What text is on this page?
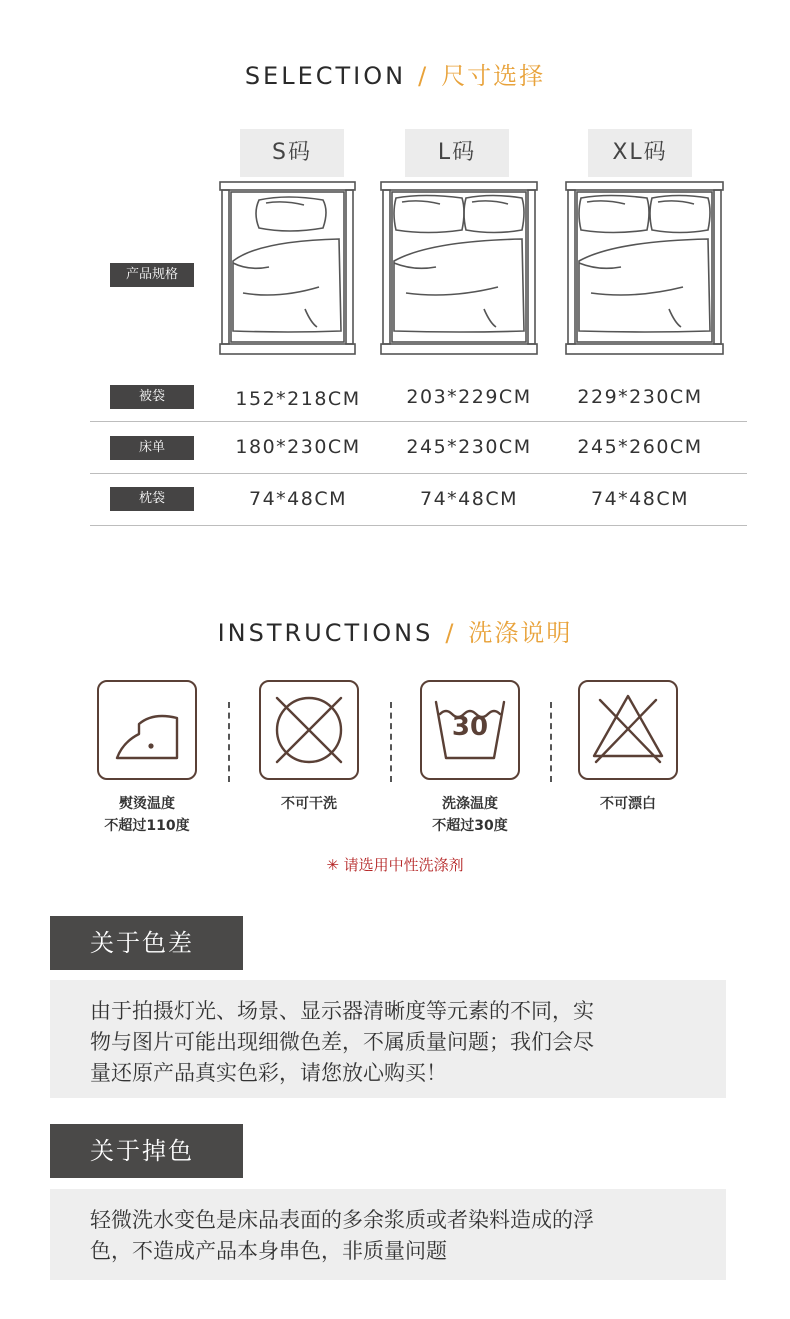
SELECTION / 尺寸选择
S码	L码	XL码
产品规格
被袋	152*218CM	203*229CM	229*230CM
床单	180*230CM	245*230CM	245*260CM
枕袋	74*48CM	74*48CM	74*48CM
INSTRUCTIONS / 洗涤说明
30
熨烫温度
不超过110度
不可干洗	洗涤温度
不超过30度
不可漂白
✳ 请选用中性洗涤剂
关于色差
由于拍摄灯光、场景、显示器清晰度等元素的不同，实
物与图片可能出现细微色差，不属质量问题；我们会尽
量还原产品真实色彩，请您放心购买！
关于掉色
轻微洗水变色是床品表面的多余浆质或者染料造成的浮
色，不造成产品本身串色，非质量问题
